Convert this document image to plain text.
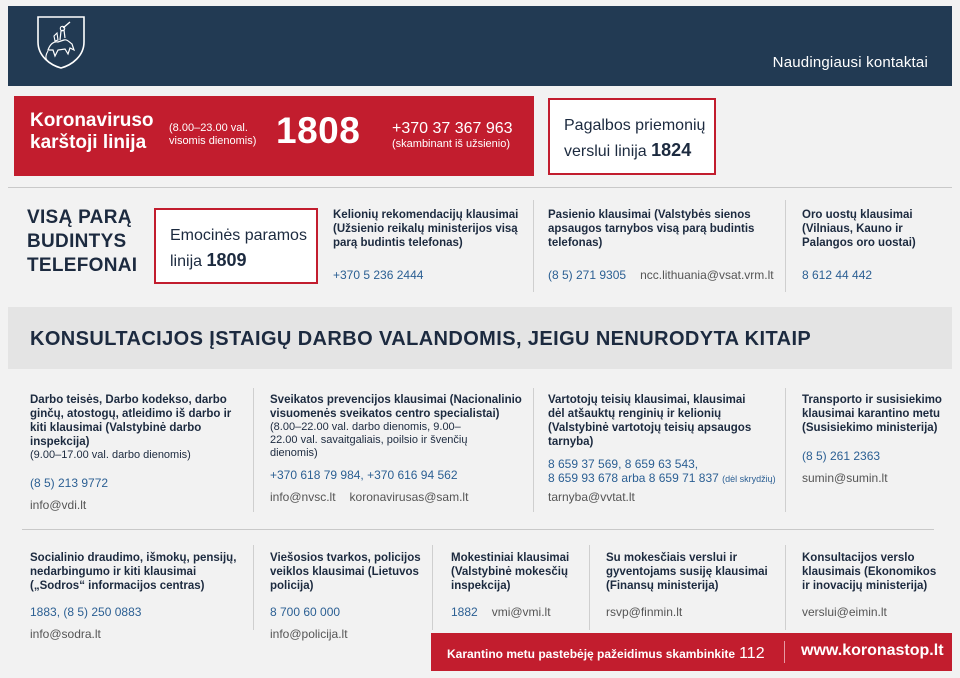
Naudingiausi kontaktai
Koronaviruso karštoji linija
(8.00–23.00 val. visomis dienomis) 1808 +370 37 367 963
(skambinant iš užsienio)
Pagalbos priemonių verslui linija 1824
VISĄ PARĄ BUDINTYS TELEFONAI
Emocinės paramos linija 1809
Kelionių rekomendacijų klausimai (Užsienio reikalų ministerijos visą parą budintis telefonas)
+370 5 236 2444
Pasienio klausimai (Valstybės sienos apsaugos tarnybos visą parą budintis telefonas)
(8 5) 271 9305 ncc.lithuania@vsat.vrm.lt
Oro uostų klausimai (Vilniaus, Kauno ir Palangos oro uostai)
8 612 44 442
KONSULTACIJOS ĮSTAIGŲ DARBO VALANDOMIS, JEIGU NENURODYTA KITAIP
Darbo teisės, Darbo kodekso, darbo ginčų, atostogų, atleidimo iš darbo ir kiti klausimai (Valstybinė darbo inspekcija)
(9.00–17.00 val. darbo dienomis)
(8 5) 213 9772
info@vdi.lt
Sveikatos prevencijos klausimai (Nacionalinio visuomenės sveikatos centro specialistai)
(8.00–22.00 val. darbo dienomis, 9.00–22.00 val. savaitgaliais, poilsio ir švenčių dienomis)
+370 618 79 984, +370 616 94 562
info@nvsc.lt koronavirusas@sam.lt
Vartotojų teisių klausimai, klausimai dėl atšauktų renginių ir kelionių (Valstybinė vartotojų teisių apsaugos tarnyba)
8 659 37 569, 8 659 63 543,
8 659 93 678 arba 8 659 71 837 (dėl skrydžių)
tarnyba@vvtat.lt
Transporto ir susisiekimo klausimai karantino metu (Susisiekimo ministerija)
(8 5) 261 2363
sumin@sumin.lt
Socialinio draudimo, išmokų, pensijų, nedarbingumo ir kiti klausimai („Sodros“ informacijos centras)
1883, (8 5) 250 0883
info@sodra.lt
Viešosios tvarkos, policijos veiklos klausimai (Lietuvos policija)
8 700 60 000
info@policija.lt
Mokestiniai klausimai (Valstybinė mokesčių inspekcija)
1882 vmi@vmi.lt
Su mokesčiais verslui ir gyventojams susiję klausimai (Finansų ministerija)
rsvp@finmin.lt
Konsultacijos verslo klausimais (Ekonomikos ir inovacijų ministerija)
verslui@eimin.lt
Karantino metu pastebėję pažeidimus skambinkite 112 www.koronastop.lt
